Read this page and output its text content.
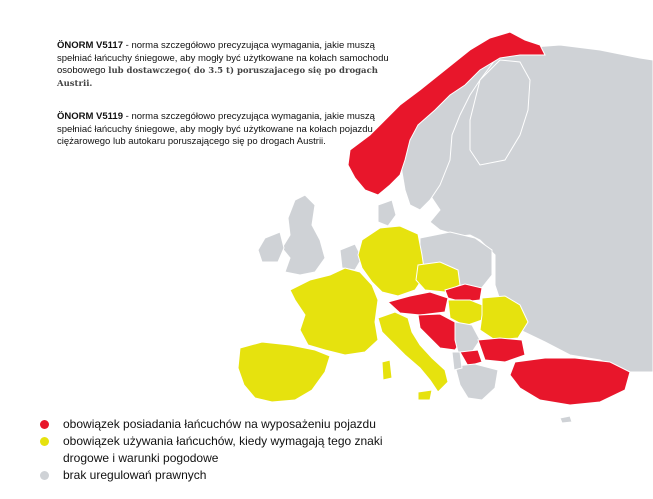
ÖNORM V5117 - norma szczegółowo precyzująca wymagania, jakie muszą spełniać łańcuchy śniegowe, aby mogły być użytkowane na kołach samochodu osobowego lub dostawczego( do 3.5 t) poruszajacego się po drogach Austrii.
ÖNORM V5119 - norma szczegółowo precyzująca wymagania, jakie muszą spełniać łańcuchy śniegowe, aby mogły być użytkowane na kołach pojazdu ciężarowego lub autokaru poruszającego się po drogach Austrii.
obowiązek posiadania łańcuchów na wyposażeniu pojazdu
obowiązek używania łańcuchów, kiedy wymagają tego znaki
drogowe i warunki pogodowe
brak uregulowań prawnych
